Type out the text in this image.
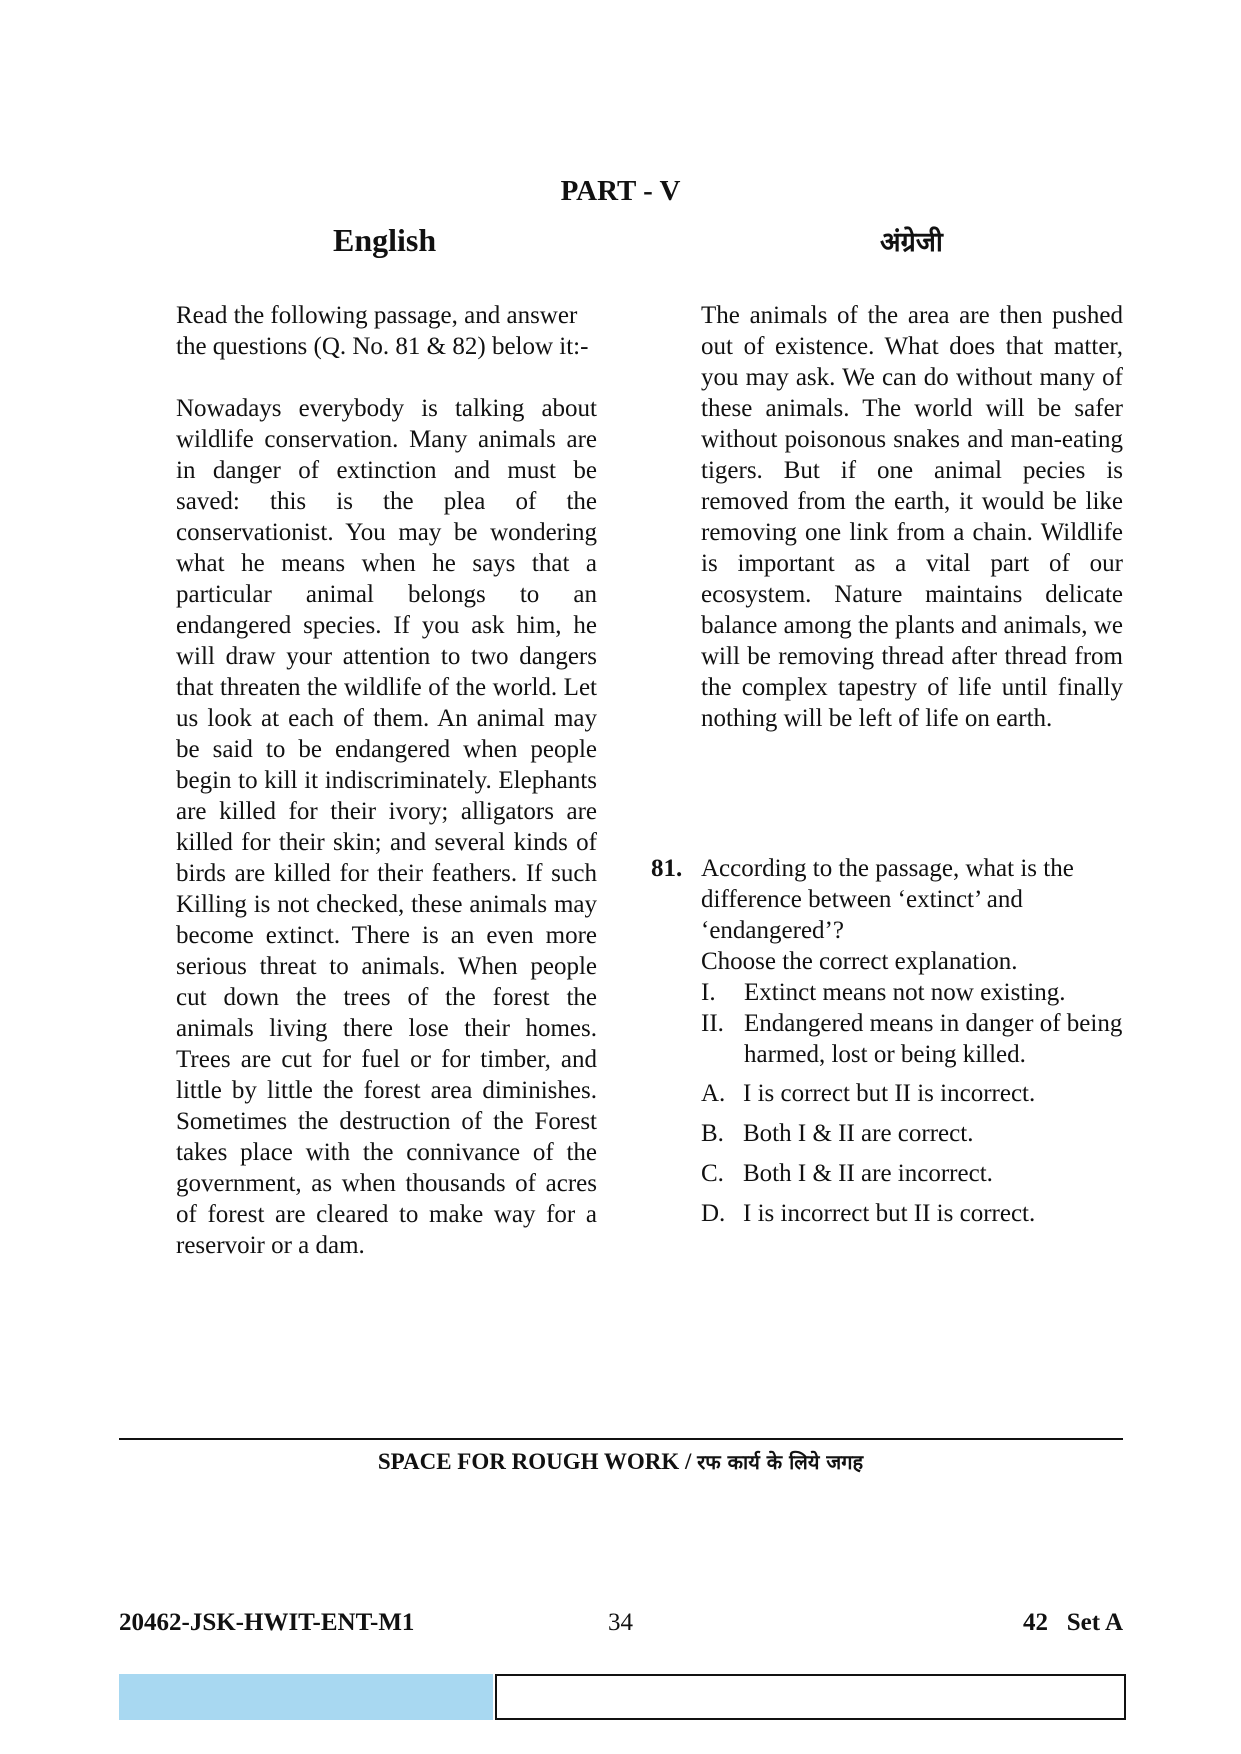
PART - V
English	अंग्रेजी

Read the following passage, and answer the questions (Q. No. 81 & 82) below it:-

Nowadays everybody is talking about wildlife conservation. Many animals are in danger of extinction and must be saved: this is the plea of the conservationist. You may be wondering what he means when he says that a particular animal belongs to an endangered species. If you ask him, he will draw your attention to two dangers that threaten the wildlife of the world. Let us look at each of them. An animal may be said to be endangered when people begin to kill it indiscriminately. Elephants are killed for their ivory; alligators are killed for their skin; and several kinds of birds are killed for their feathers. If such Killing is not checked, these animals may become extinct. There is an even more serious threat to animals. When people cut down the trees of the forest the animals living there lose their homes. Trees are cut for fuel or for timber, and little by little the forest area diminishes. Sometimes the destruction of the Forest takes place with the connivance of the government, as when thousands of acres of forest are cleared to make way for a reservoir or a dam.

The animals of the area are then pushed out of existence. What does that matter, you may ask. We can do without many of these animals. The world will be safer without poisonous snakes and man-eating tigers. But if one animal pecies is removed from the earth, it would be like removing one link from a chain. Wildlife is important as a vital part of our ecosystem. Nature maintains delicate balance among the plants and animals, we will be removing thread after thread from the complex tapestry of life until finally nothing will be left of life on earth.

81. According to the passage, what is the difference between ‘extinct’ and ‘endangered’?
Choose the correct explanation.
I.	Extinct means not now existing.
II. Endangered means in danger of being harmed, lost or being killed.
A. I is correct but II is incorrect.
B. Both I & II are correct.
C. Both I & II are incorrect.
D. I is incorrect but II is correct.
SPACE FOR ROUGH WORK / रफ कार्य के लिये जगह
20462-JSK-HWIT-ENT-M1	34	42   Set A
